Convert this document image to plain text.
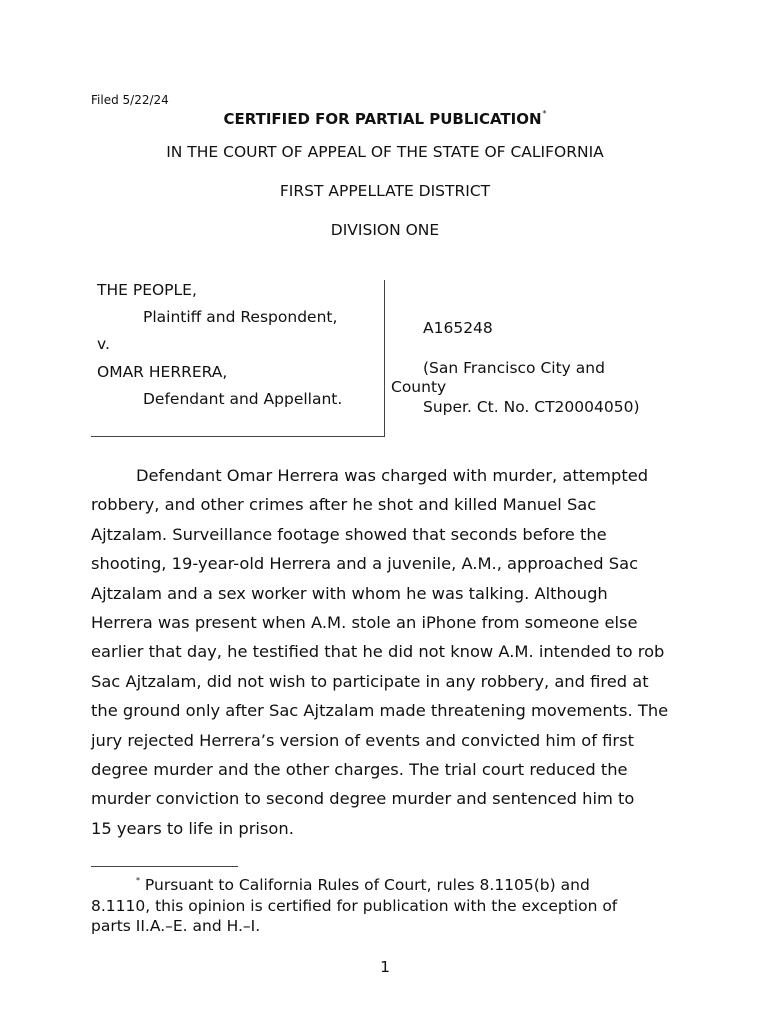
Filed 5/22/24
CERTIFIED FOR PARTIAL PUBLICATION*
IN THE COURT OF APPEAL OF THE STATE OF CALIFORNIA
FIRST APPELLATE DISTRICT
DIVISION ONE
THE PEOPLE,
Plaintiff and Respondent,
v.
OMAR HERRERA,
Defendant and Appellant.
A165248
(San Francisco City and
County
Super. Ct. No. CT20004050)
Defendant Omar Herrera was charged with murder, attempted
robbery, and other crimes after he shot and killed Manuel Sac
Ajtzalam. Surveillance footage showed that seconds before the
shooting, 19-year-old Herrera and a juvenile, A.M., approached Sac
Ajtzalam and a sex worker with whom he was talking. Although
Herrera was present when A.M. stole an iPhone from someone else
earlier that day, he testified that he did not know A.M. intended to rob
Sac Ajtzalam, did not wish to participate in any robbery, and fired at
the ground only after Sac Ajtzalam made threatening movements. The
jury rejected Herrera’s version of events and convicted him of first
degree murder and the other charges. The trial court reduced the
murder conviction to second degree murder and sentenced him to
15 years to life in prison.
* Pursuant to California Rules of Court, rules 8.1105(b) and
8.1110, this opinion is certified for publication with the exception of
parts II.A.–E. and H.–I.
1
